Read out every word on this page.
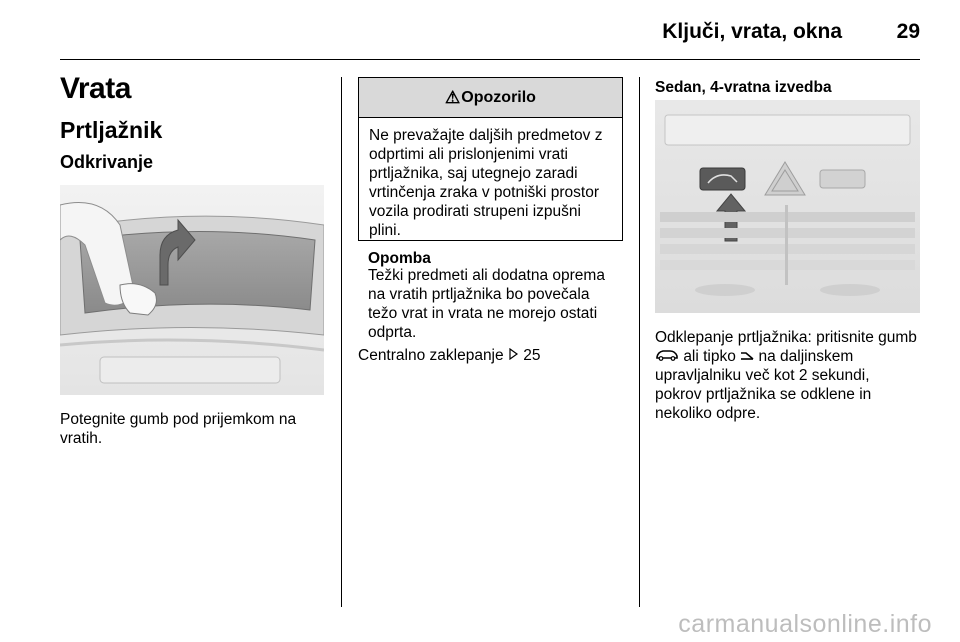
Ključi, vrata, okna	29
Vrata
Prtljažnik
Odkrivanje
Potegnite gumb pod prijemkom na vratih.
⚠ Opozorilo
Ne prevažajte daljših predmetov z odprtimi ali prislonjenimi vrati prtljažnika, saj utegnejo zaradi vrtinčenja zraka v potniški prostor vozila prodirati strupeni izpušni plini.
Opomba
Težki predmeti ali dodatna oprema na vratih prtljažnika bo povečala težo vrat in vrata ne morejo ostati odprta.
Centralno zaklepanje 25
Sedan, 4-vratna izvedba
Odklepanje prtljažnika: pritisnite gumb  ali tipko na daljinskem upravljalniku več kot 2 sekundi, pokrov prtljažnika se odklene in nekoliko odpre.
carmanualsonline.info
